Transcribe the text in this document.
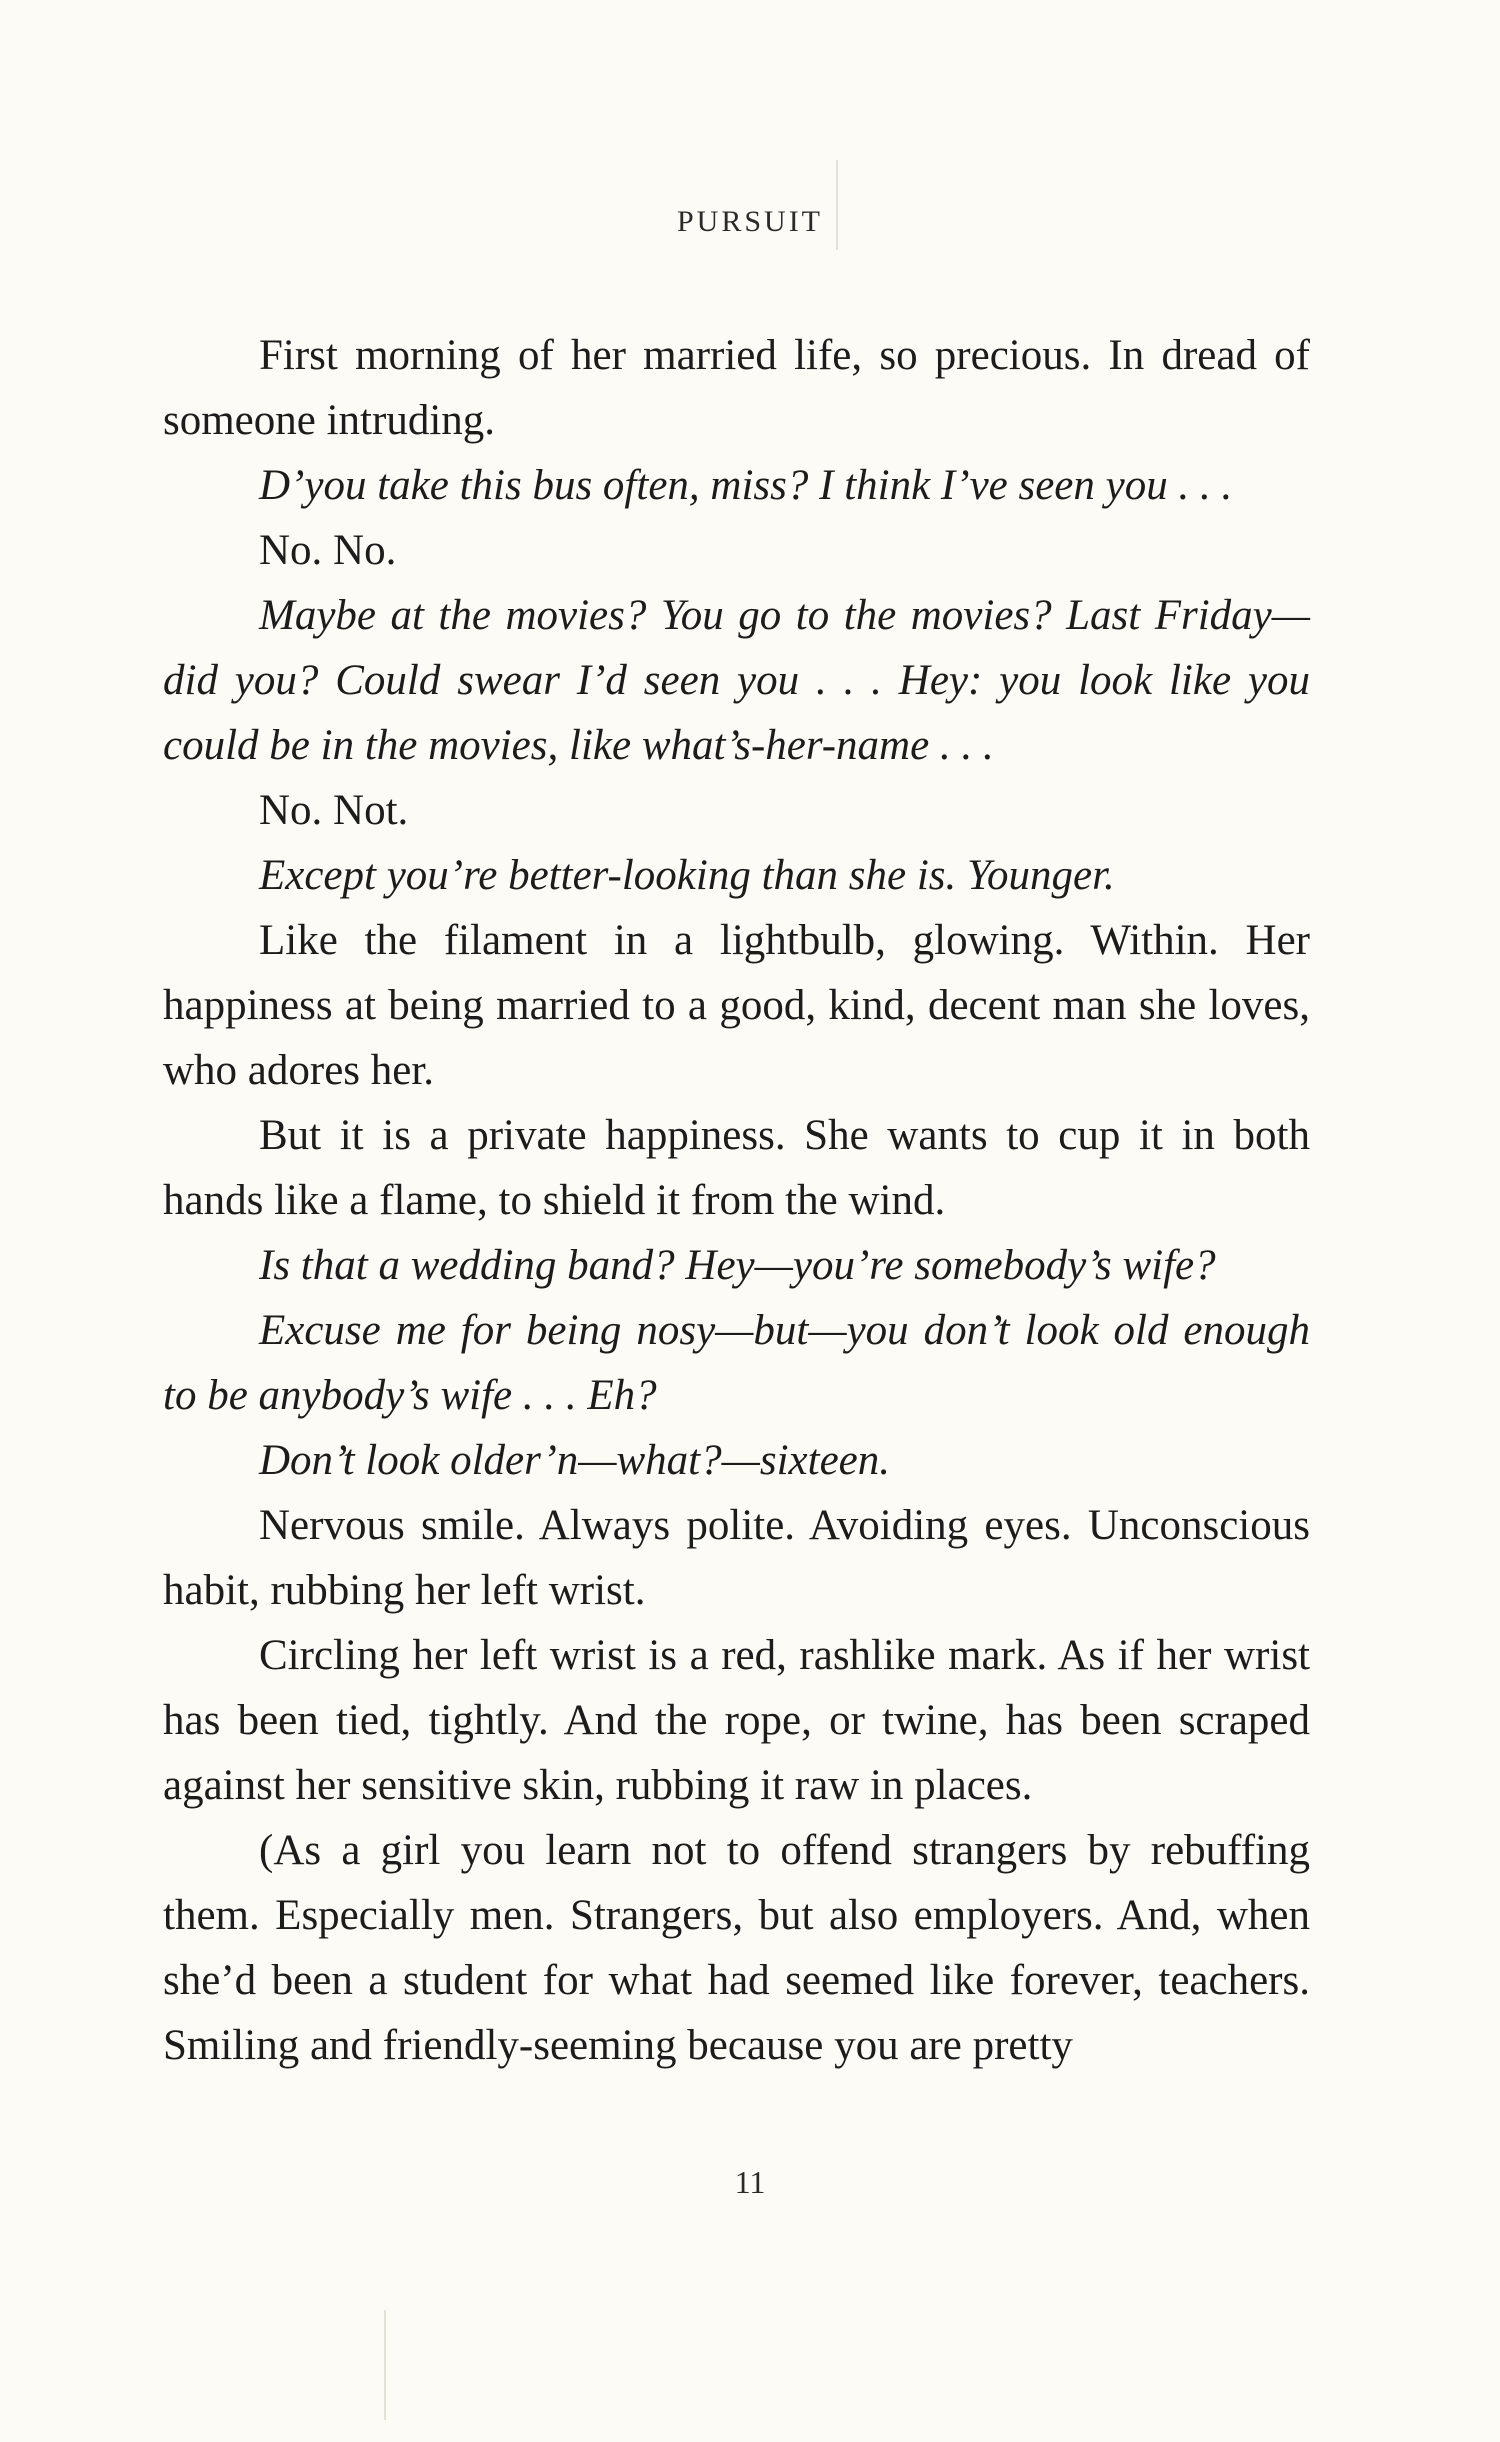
PURSUIT

First morning of her married life, so precious. In dread of someone intruding.

D’you take this bus often, miss? I think I’ve seen you . . .

No. No.

Maybe at the movies? You go to the movies? Last Friday—did you? Could swear I’d seen you . . . Hey: you look like you could be in the movies, like what’s-her-name . . .

No. Not.

Except you’re better-looking than she is. Younger.

Like the filament in a lightbulb, glowing. Within. Her happiness at being married to a good, kind, decent man she loves, who adores her.

But it is a private happiness. She wants to cup it in both hands like a flame, to shield it from the wind.

Is that a wedding band? Hey—you’re somebody’s wife?

Excuse me for being nosy—but—you don’t look old enough to be anybody’s wife . . . Eh?

Don’t look older’n—what?—sixteen.

Nervous smile. Always polite. Avoiding eyes. Unconscious habit, rubbing her left wrist.

Circling her left wrist is a red, rashlike mark. As if her wrist has been tied, tightly. And the rope, or twine, has been scraped against her sensitive skin, rubbing it raw in places.

(As a girl you learn not to offend strangers by rebuffing them. Especially men. Strangers, but also employers. And, when she’d been a student for what had seemed like forever, teachers. Smiling and friendly-seeming because you are pretty

11
